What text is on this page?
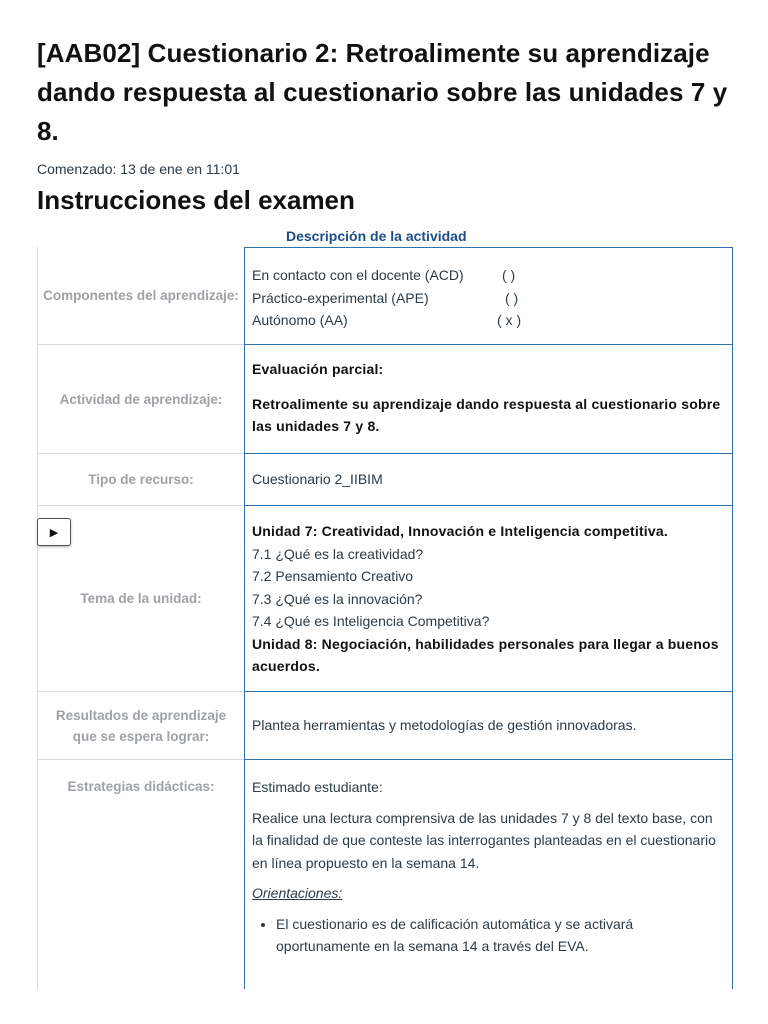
[AAB02] Cuestionario 2: Retroalimente su aprendizaje dando respuesta al cuestionario sobre las unidades 7 y 8.
Comenzado: 13 de ene en 11:01
Instrucciones del examen
Descripción de la actividad
Componentes del aprendizaje:
En contacto con el docente (ACD)	( )
Práctico-experimental (APE)	( )
Autónomo (AA)	( x )
Actividad de aprendizaje:
Evaluación parcial:
Retroalimente su aprendizaje dando respuesta al cuestionario sobre las unidades 7 y 8.
Tipo de recurso:	Cuestionario 2_IIBIM
Tema de la unidad:
Unidad 7: Creatividad, Innovación e Inteligencia competitiva.
7.1 ¿Qué es la creatividad?
7.2 Pensamiento Creativo
7.3 ¿Qué es la innovación?
7.4 ¿Qué es Inteligencia Competitiva?
Unidad 8: Negociación, habilidades personales para llegar a buenos acuerdos.
Resultados de aprendizaje que se espera lograr:
Plantea herramientas y metodologías de gestión innovadoras.
Estrategias didácticas:	Estimado estudiante:
Realice una lectura comprensiva de las unidades 7 y 8 del texto base, con la finalidad de que conteste las interrogantes planteadas en el cuestionario en línea propuesto en la semana 14.
Orientaciones:
• El cuestionario es de calificación automática y se activará oportunamente en la semana 14 a través del EVA.
▶
